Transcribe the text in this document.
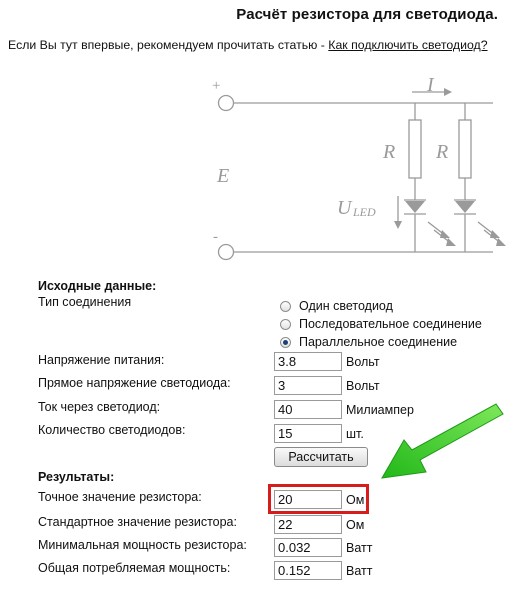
Расчёт резистора для светодиода.
Если Вы тут впервые, рекомендуем прочитать статью - Как подключить светодиод?
+
-
I
E
R R
U LED
Исходные данные:
Тип соединения	Один светодиод
Последовательное соединение
Параллельное соединение
Напряжение питания:
3.8	Вольт
Прямое напряжение светодиода:
3	Вольт
Ток через светодиод:
40	Милиампер
Количество светодиодов:
15	шт.
Рассчитать
Результаты:
Точное значение резистора:
20	Ом
Стандартное значение резистора:
22	Ом
Минимальная мощность резистора:
0.032	Ватт
Общая потребляемая мощность:
0.152	Ватт
